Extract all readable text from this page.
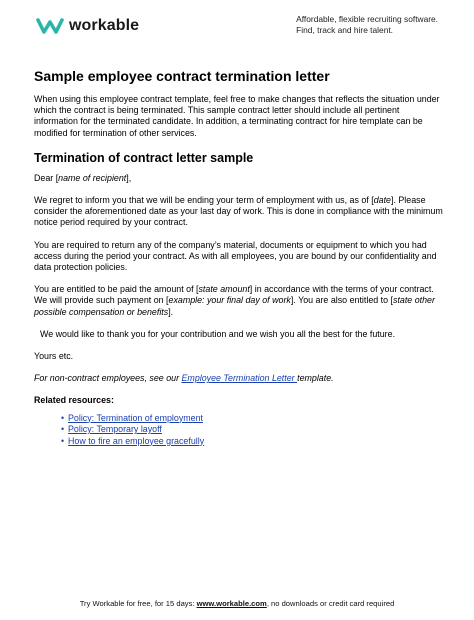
workable	Affordable, flexible recruiting software.
Find, track and hire talent.
Sample employee contract termination letter

When using this employee contract template, feel free to make changes that reflects the situation under which the contract is being terminated. This sample contract letter should include all pertinent information for the terminated candidate. In addition, a terminating contract for hire template can be modified for termination of other services.

Termination of contract letter sample

Dear [name of recipient],

We regret to inform you that we will be ending your term of employment with us, as of [date]. Please consider the aforementioned date as your last day of work. This is done in compliance with the minimum notice period required by your contract.

You are required to return any of the company’s material, documents or equipment to which you had access during the period your contract. As with all employees, you are bound by our confidentiality and data protection policies.

You are entitled to be paid the amount of [state amount] in accordance with the terms of your contract. We will provide such payment on [example: your final day of work]. You are also entitled to [state other possible compensation or benefits].

We would like to thank you for your contribution and we wish you all the best for the future.

Yours etc.

For non-contract employees, see our Employee Termination Letter template.

Related resources:

• Policy: Termination of employment
• Policy: Temporary layoff
• How to fire an employee gracefully
Try Workable for free, for 15 days: www.workable.com, no downloads or credit card required
